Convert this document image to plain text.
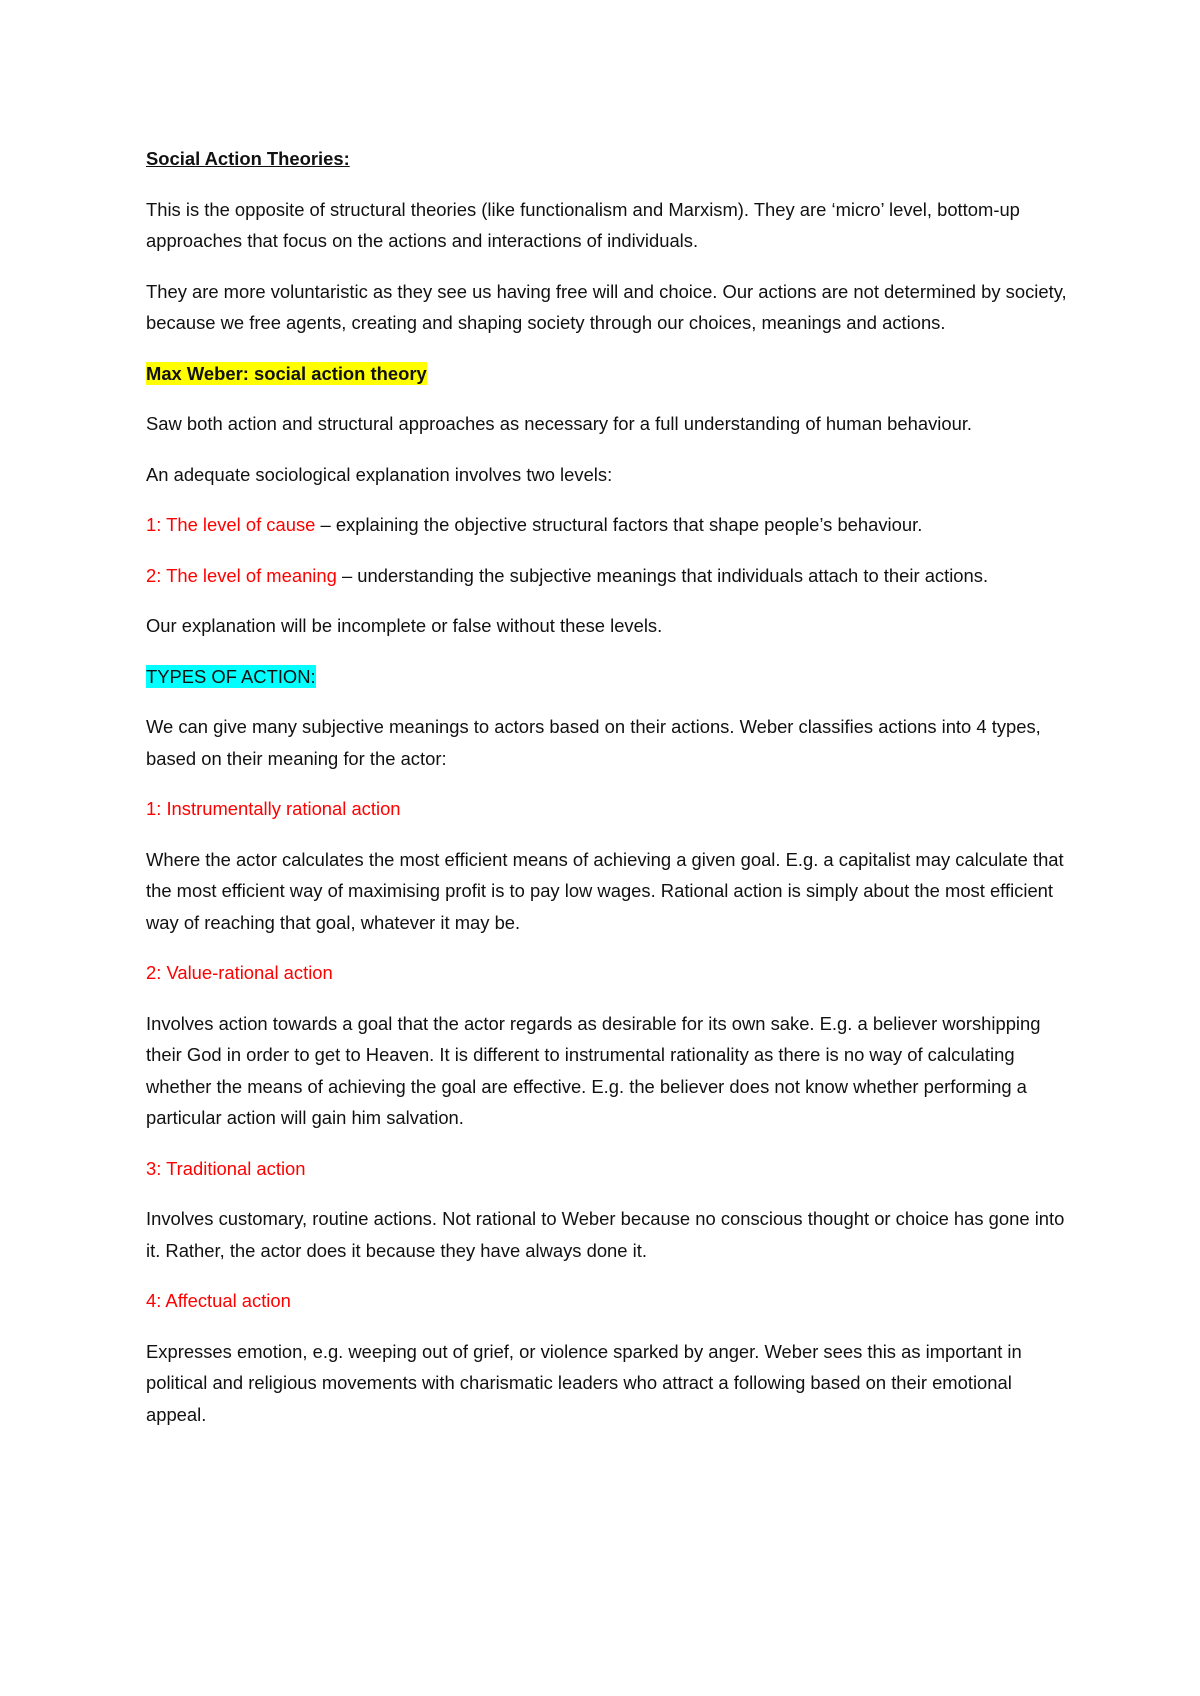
Social Action Theories:

This is the opposite of structural theories (like functionalism and Marxism). They are ‘micro’ level, bottom-up approaches that focus on the actions and interactions of individuals.

They are more voluntaristic as they see us having free will and choice. Our actions are not determined by society, because we free agents, creating and shaping society through our choices, meanings and actions.

Max Weber: social action theory

Saw both action and structural approaches as necessary for a full understanding of human behaviour.

An adequate sociological explanation involves two levels:

1: The level of cause – explaining the objective structural factors that shape people’s behaviour.

2: The level of meaning – understanding the subjective meanings that individuals attach to their actions.

Our explanation will be incomplete or false without these levels.

TYPES OF ACTION:

We can give many subjective meanings to actors based on their actions. Weber classifies actions into 4 types, based on their meaning for the actor:

1: Instrumentally rational action

Where the actor calculates the most efficient means of achieving a given goal. E.g. a capitalist may calculate that the most efficient way of maximising profit is to pay low wages. Rational action is simply about the most efficient way of reaching that goal, whatever it may be.

2: Value-rational action

Involves action towards a goal that the actor regards as desirable for its own sake. E.g. a believer worshipping their God in order to get to Heaven. It is different to instrumental rationality as there is no way of calculating whether the means of achieving the goal are effective. E.g. the believer does not know whether performing a particular action will gain him salvation.

3: Traditional action

Involves customary, routine actions. Not rational to Weber because no conscious thought or choice has gone into it. Rather, the actor does it because they have always done it.

4: Affectual action

Expresses emotion, e.g. weeping out of grief, or violence sparked by anger. Weber sees this as important in political and religious movements with charismatic leaders who attract a following based on their emotional appeal.
